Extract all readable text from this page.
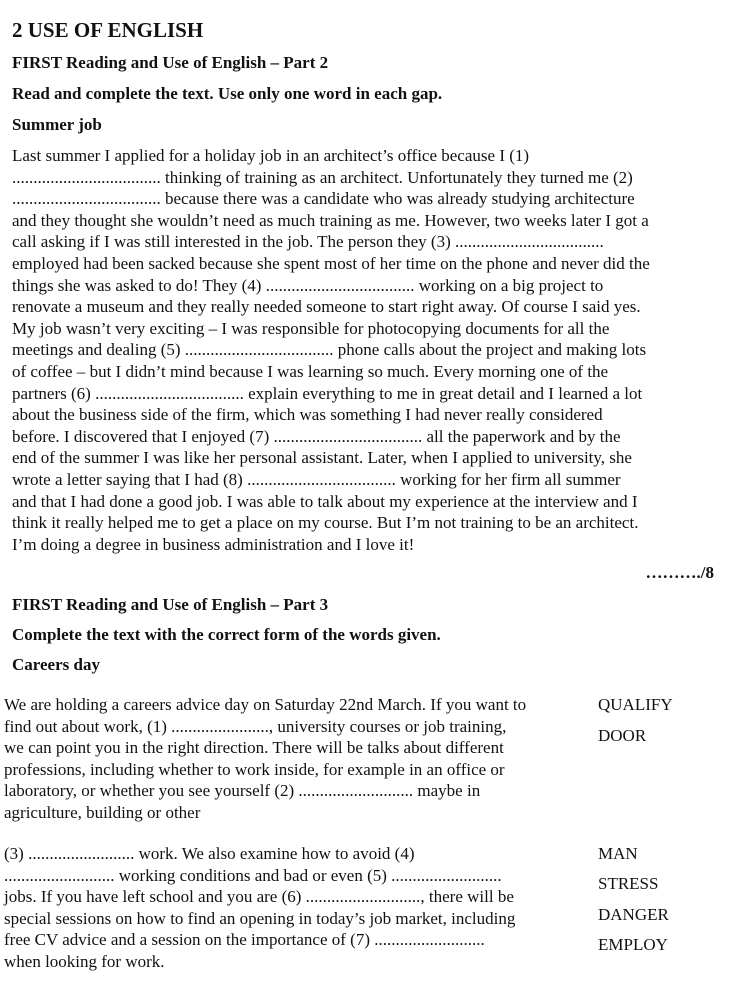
2 USE OF ENGLISH
FIRST Reading and Use of English – Part 2

Read and complete the text. Use only one word in each gap.

Summer job

Last summer I applied for a holiday job in an architect’s office because I (1)
................................... thinking of training as an architect. Unfortunately they turned me (2)
................................... because there was a candidate who was already studying architecture
and they thought she wouldn’t need as much training as me. However, two weeks later I got a
call asking if I was still interested in the job. The person they (3) ...................................
employed had been sacked because she spent most of her time on the phone and never did the
things she was asked to do! They (4) ................................... working on a big project to
renovate a museum and they really needed someone to start right away. Of course I said yes.
My job wasn’t very exciting – I was responsible for photocopying documents for all the
meetings and dealing (5) ................................... phone calls about the project and making lots
of coffee – but I didn’t mind because I was learning so much. Every morning one of the
partners (6) ................................... explain everything to me in great detail and I learned a lot
about the business side of the firm, which was something I had never really considered
before. I discovered that I enjoyed (7) ................................... all the paperwork and by the
end of the summer I was like her personal assistant. Later, when I applied to university, she
wrote a letter saying that I had (8) ................................... working for her firm all summer
and that I had done a good job. I was able to talk about my experience at the interview and I
think it really helped me to get a place on my course. But I’m not training to be an architect.
I’m doing a degree in business administration and I love it!
………./8
FIRST Reading and Use of English – Part 3

Complete the text with the correct form of the words given.

Careers day

We are holding a careers advice day on Saturday 22nd March. If you want to
find out about work, (1) ......................., university courses or job training,
we can point you in the right direction. There will be talks about different
professions, including whether to work inside, for example in an office or
laboratory, or whether you see yourself (2) ........................... maybe in
agriculture, building or other
(3) ......................... work. We also examine how to avoid (4)
.......................... working conditions and bad or even (5) ..........................
jobs. If you have left school and you are (6) ..........................., there will be
special sessions on how to find an opening in today’s job market, including
free CV advice and a session on the importance of (7) ..........................
when looking for work.
QUALIFY
DOOR
MAN
STRESS
DANGER
EMPLOY
